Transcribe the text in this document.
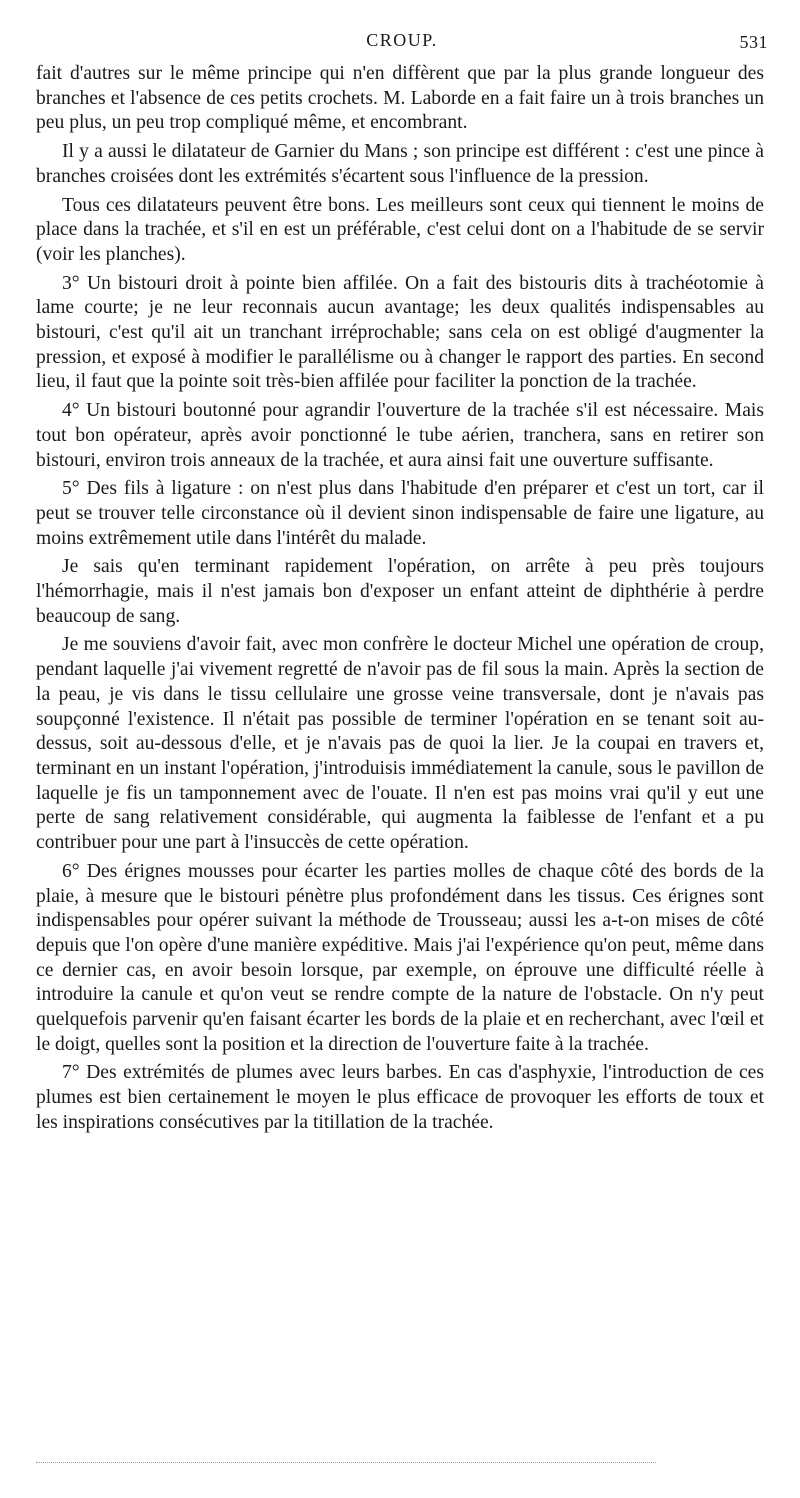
CROUP.	531

fait d'autres sur le même principe qui n'en diffèrent que par la plus grande longueur des branches et l'absence de ces petits crochets. M. Laborde en a fait faire un à trois branches un peu plus, un peu trop compliqué même, et encombrant.

Il y a aussi le dilatateur de Garnier du Mans ; son principe est différent : c'est une pince à branches croisées dont les extrémités s'écartent sous l'influence de la pression.

Tous ces dilatateurs peuvent être bons. Les meilleurs sont ceux qui tiennent le moins de place dans la trachée, et s'il en est un préférable, c'est celui dont on a l'habitude de se servir (voir les planches).

3° Un bistouri droit à pointe bien affilée. On a fait des bistouris dits à trachéotomie à lame courte; je ne leur reconnais aucun avantage; les deux qualités indispensables au bistouri, c'est qu'il ait un tranchant irréprochable; sans cela on est obligé d'augmenter la pression, et exposé à modifier le parallélisme ou à changer le rapport des parties. En second lieu, il faut que la pointe soit très-bien affilée pour faciliter la ponction de la trachée.

4° Un bistouri boutonné pour agrandir l'ouverture de la trachée s'il est nécessaire. Mais tout bon opérateur, après avoir ponctionné le tube aérien, tranchera, sans en retirer son bistouri, environ trois anneaux de la trachée, et aura ainsi fait une ouverture suffisante.

5° Des fils à ligature : on n'est plus dans l'habitude d'en préparer et c'est un tort, car il peut se trouver telle circonstance où il devient sinon indispensable de faire une ligature, au moins extrêmement utile dans l'intérêt du malade.

Je sais qu'en terminant rapidement l'opération, on arrête à peu près toujours l'hémorrhagie, mais il n'est jamais bon d'exposer un enfant atteint de diphthérie à perdre beaucoup de sang.

Je me souviens d'avoir fait, avec mon confrère le docteur Michel une opération de croup, pendant laquelle j'ai vivement regretté de n'avoir pas de fil sous la main. Après la section de la peau, je vis dans le tissu cellulaire une grosse veine transversale, dont je n'avais pas soupçonné l'existence. Il n'était pas possible de terminer l'opération en se tenant soit au-dessus, soit au-dessous d'elle, et je n'avais pas de quoi la lier. Je la coupai en travers et, terminant en un instant l'opération, j'introduisis immédiatement la canule, sous le pavillon de laquelle je fis un tamponnement avec de l'ouate. Il n'en est pas moins vrai qu'il y eut une perte de sang relativement considérable, qui augmenta la faiblesse de l'enfant et a pu contribuer pour une part à l'insuccès de cette opération.

6° Des érignes mousses pour écarter les parties molles de chaque côté des bords de la plaie, à mesure que le bistouri pénètre plus profondément dans les tissus. Ces érignes sont indispensables pour opérer suivant la méthode de Trousseau; aussi les a-t-on mises de côté depuis que l'on opère d'une manière expéditive. Mais j'ai l'expérience qu'on peut, même dans ce dernier cas, en avoir besoin lorsque, par exemple, on éprouve une difficulté réelle à introduire la canule et qu'on veut se rendre compte de la nature de l'obstacle. On n'y peut quelquefois parvenir qu'en faisant écarter les bords de la plaie et en recherchant, avec l'œil et le doigt, quelles sont la position et la direction de l'ouverture faite à la trachée.

7° Des extrémités de plumes avec leurs barbes. En cas d'asphyxie, l'introduction de ces plumes est bien certainement le moyen le plus efficace de provoquer les efforts de toux et les inspirations consécutives par la titillation de la trachée.
